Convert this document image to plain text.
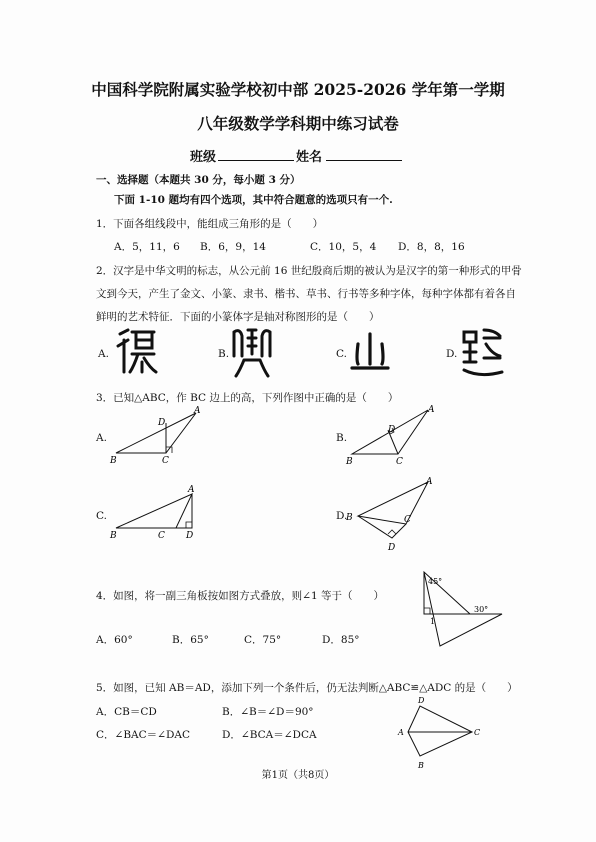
中国科学院附属实验学校初中部 2025-2026 学年第一学期
八年级数学学科期中练习试卷
班级	姓名
一、选择题（本题共 30 分，每小题 3 分）
下面 1-10 题均有四个选项，其中符合题意的选项只有一个.
1．下面各组线段中，能组成三角形的是（　　）
A．5，11，6 B．6，9，14	C．10，5，4 D．8，8，16
2．汉字是中华文明的标志，从公元前 16 世纪殷商后期的被认为是汉字的第一种形式的甲骨
文到今天，产生了金文、小篆、隶书、楷书、草书、行书等多种字体，每种字体都有着各自
鲜明的艺术特征．下面的小篆体字是轴对称图形的是（　　）
A.	B.	C.	D.
3．已知△ABC，作 BC 边上的高，下列作图中正确的是（　　）
A.
B	C
A
D
B.
B	C
A
D
C.
B	C
A
D
D.
B	C
A
D
4．如图，将一副三角板按如图方式叠放，则∠1 等于（　　）
45°
30°
1
A．60°	B．65°	C．75°	D．85°
5．如图，已知 AB＝AD，添加下列一个条件后，仍无法判断△ABC≌△ADC 的是（　　）
A．CB＝CD	B．∠B＝∠D＝90°
C．∠BAC＝∠DAC	D．∠BCA＝∠DCA	A
D
C
B
第1页（共8页）
